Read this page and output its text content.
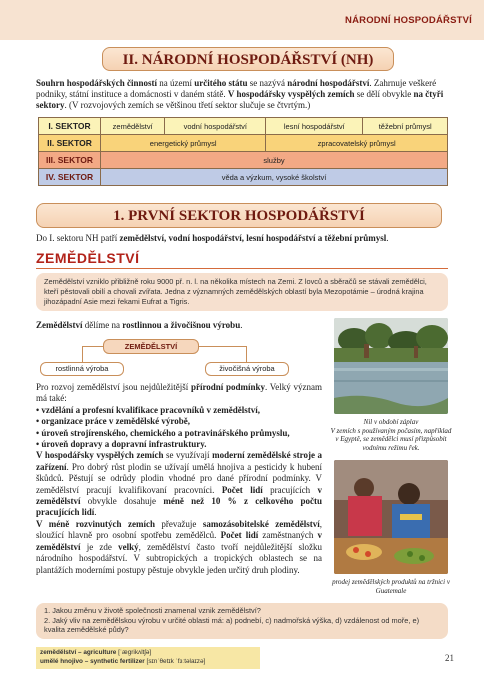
NÁRODNÍ HOSPODÁŘSTVÍ
II. NÁRODNÍ HOSPODÁŘSTVÍ (NH)
Souhrn hospodářských činností na území určitého státu se nazývá národní hospodářství. Zahrnuje veškeré podniky, státní instituce a domácnosti v daném státě. V hospodářsky vyspělých zemích se dělí obvykle na čtyři sektory. (V rozvojových zemích se většinou třetí sektor slučuje se čtvrtým.)
I. SEKTOR	zemědělství	vodní hospodářství	lesní hospodářství	těžební průmysl
II. SEKTOR	energetický průmysl		zpracovatelský průmysl	
III. SEKTOR	služby			
IV. SEKTOR	věda a výzkum, vysoké školství			
1. PRVNÍ SEKTOR HOSPODÁŘSTVÍ
Do I. sektoru NH patří zemědělství, vodní hospodářství, lesní hospodářství a těžební průmysl.
ZEMĚDĚLSTVÍ
Zemědělství vzniklo přibližně roku 9000 př. n. l. na několika místech na Zemi. Z lovců a sběračů se stávali zemědělci, kteří pěstovali obilí a chovali zvířata. Jedna z významných zemědělských oblastí byla Mezopotámie – úrodná krajina jihozápadní Asie mezi řekami Eufrat a Tigris.
Zemědělství dělíme na rostlinnou a živočišnou výrobu.
ZEMĚDĚLSTVÍ
rostlinná výroba	živočišná výroba

Pro rozvoj zemědělství jsou nejdůležitější přírodní podmínky. Velký význam má také:

• vzdělání a profesní kvalifikace pracovníků v zemědělství,

• organizace práce v zemědělské výrobě,

• úroveň strojírenského, chemického a potravinářského průmyslu,

• úroveň dopravy a dopravní infrastruktury.

V hospodářsky vyspělých zemích se využívají moderní zemědělské stroje a zařízení. Pro dobrý růst plodin se užívají umělá hnojiva a pesticidy k hubení škůdců. Pěstují se odrůdy plodin vhodné pro dané přírodní podmínky. V zemědělství pracují kvalifikovaní pracovníci. Počet lidí pracujících v zemědělství obvykle dosahuje méně než 10 % z celkového počtu pracujících lidí.

V méně rozvinutých zemích převažuje samozásobitelské zemědělství, sloužící hlavně pro osobní spotřebu zemědělců. Počet lidí zaměstnaných v zemědělství je zde velký, zemědělství často tvoří nejdůležitější složku národního hospodářství. V subtropických a tropických oblastech se na plantážích moderními postupy pěstuje obvykle jeden určitý druh plodiny.

Nil v období záplav
V zemích s používaným počasím, například v Egyptě, se zemědělci musí přizpůsobit vodnímu režimu řek.
prodej zemědělských produktů na tržnici v Guatemale
1. Jakou změnu v životě společnosti znamenal vznik zemědělství?
2. Jaký vliv na zemědělskou výrobu v určité oblasti má: a) podnebí, c) nadmořská výška, d) vzdálenost od moře, e) kvalita zemědělské půdy?
zemědělství – agriculture [ˈægrikʌltʃə]
umělé hnojivo – synthetic fertilizer [sɪnˈθetɪk ˈfɜːtəlaɪzə]	21
